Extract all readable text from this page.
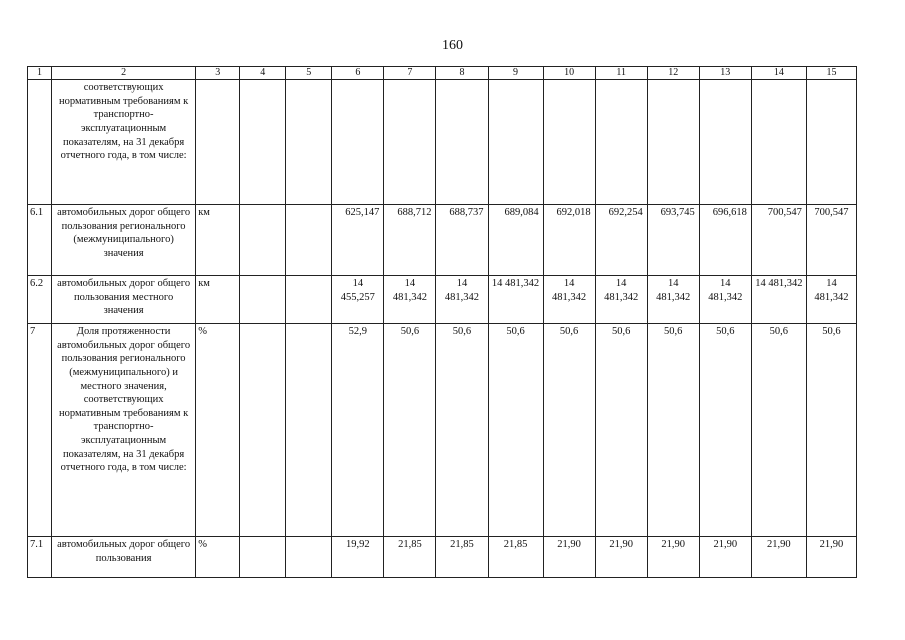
160
1	2	3	4	5	6	7	8	9	10	11	12	13	14	15
	соответствующих нормативным требованиям к транспортно-эксплуатационным показателям, на 31 декабря отчетного года, в том числе:													
6.1	автомобильных дорог общего пользования регионального (межмуниципального) значения	км			625,147	688,712	688,737	689,084	692,018	692,254	693,745	696,618	700,547	700,547
6.2	автомобильных дорог общего пользования местного значения	км			14 455,257	14 481,342	14 481,342	14 481,342	14 481,342	14 481,342	14 481,342	14 481,342	14 481,342	14 481,342
7	Доля протяженности автомобильных дорог общего пользования регионального (межмуниципального) и местного значения, соответствующих нормативным требованиям к транспортно-эксплуатационным показателям, на 31 декабря отчетного года, в том числе:	%			52,9	50,6	50,6	50,6	50,6	50,6	50,6	50,6	50,6	50,6
7.1	автомобильных дорог общего пользования	%			19,92	21,85	21,85	21,85	21,90	21,90	21,90	21,90	21,90	21,90
